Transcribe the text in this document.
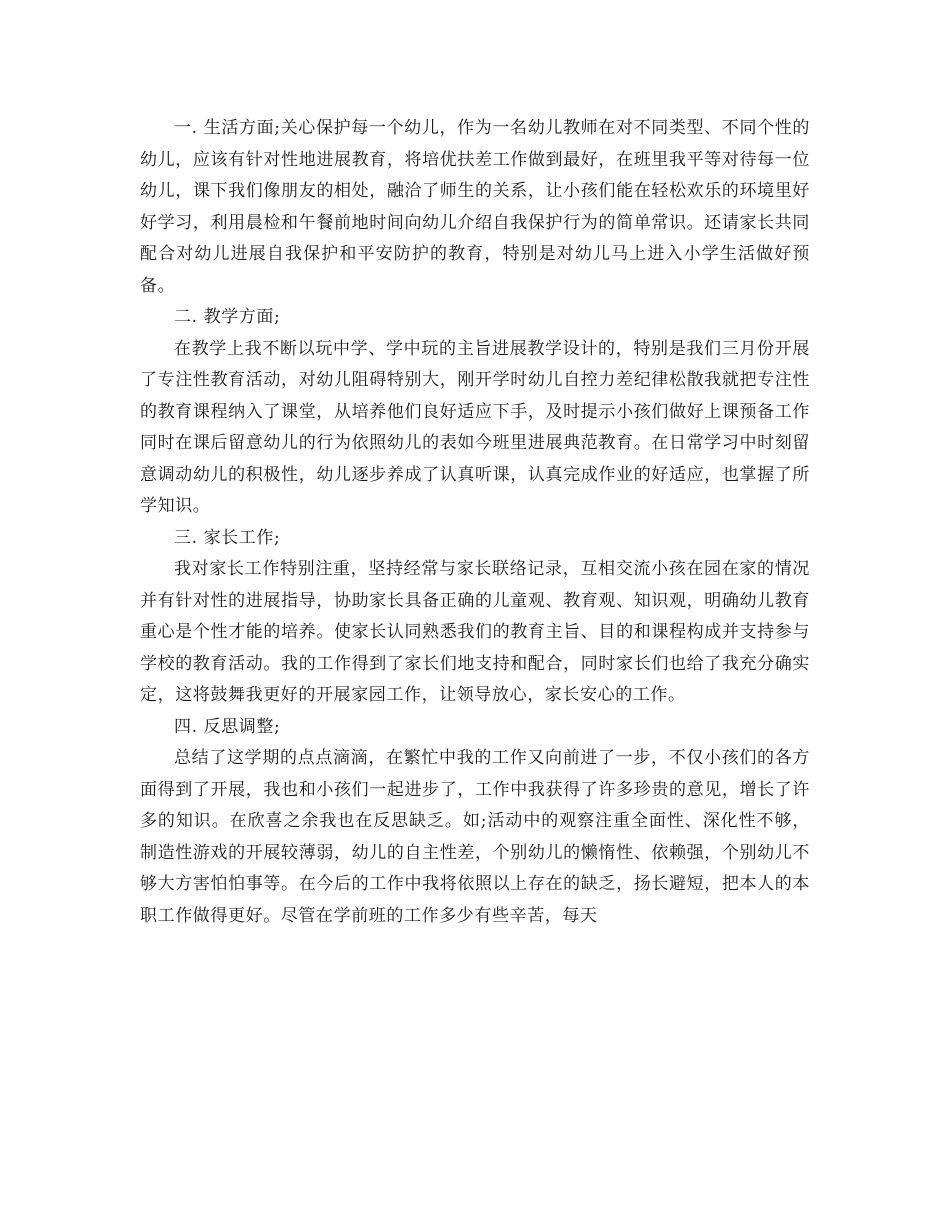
一. 生活方面;关心保护每一个幼儿，作为一名幼儿教师在对不同类型、不同个性的幼儿，应该有针对性地进展教育，将培优扶差工作做到最好，在班里我平等对待每一位幼儿，课下我们像朋友的相处，融洽了师生的关系，让小孩们能在轻松欢乐的环境里好好学习，利用晨检和午餐前地时间向幼儿介绍自我保护行为的简单常识。还请家长共同配合对幼儿进展自我保护和平安防护的教育，特别是对幼儿马上进入小学生活做好预备。

二. 教学方面;

在教学上我不断以玩中学、学中玩的主旨进展教学设计的，特别是我们三月份开展了专注性教育活动，对幼儿阻碍特别大，刚开学时幼儿自控力差纪律松散我就把专注性的教育课程纳入了课堂，从培养他们良好适应下手，及时提示小孩们做好上课预备工作同时在课后留意幼儿的行为依照幼儿的表如今班里进展典范教育。在日常学习中时刻留意调动幼儿的积极性，幼儿逐步养成了认真听课，认真完成作业的好适应，也掌握了所学知识。

三. 家长工作;

我对家长工作特别注重，坚持经常与家长联络记录，互相交流小孩在园在家的情况并有针对性的进展指导，协助家长具备正确的儿童观、教育观、知识观，明确幼儿教育重心是个性才能的培养。使家长认同熟悉我们的教育主旨、目的和课程构成并支持参与学校的教育活动。我的工作得到了家长们地支持和配合，同时家长们也给了我充分确实定，这将鼓舞我更好的开展家园工作，让领导放心，家长安心的工作。

四. 反思调整;

总结了这学期的点点滴滴，在繁忙中我的工作又向前进了一步，不仅小孩们的各方面得到了开展，我也和小孩们一起进步了，工作中我获得了许多珍贵的意见，增长了许多的知识。在欣喜之余我也在反思缺乏。如;活动中的观察注重全面性、深化性不够，制造性游戏的开展较薄弱，幼儿的自主性差，个别幼儿的懒惰性、依赖强，个别幼儿不够大方害怕怕事等。在今后的工作中我将依照以上存在的缺乏，扬长避短，把本人的本职工作做得更好。尽管在学前班的工作多少有些辛苦，每天
